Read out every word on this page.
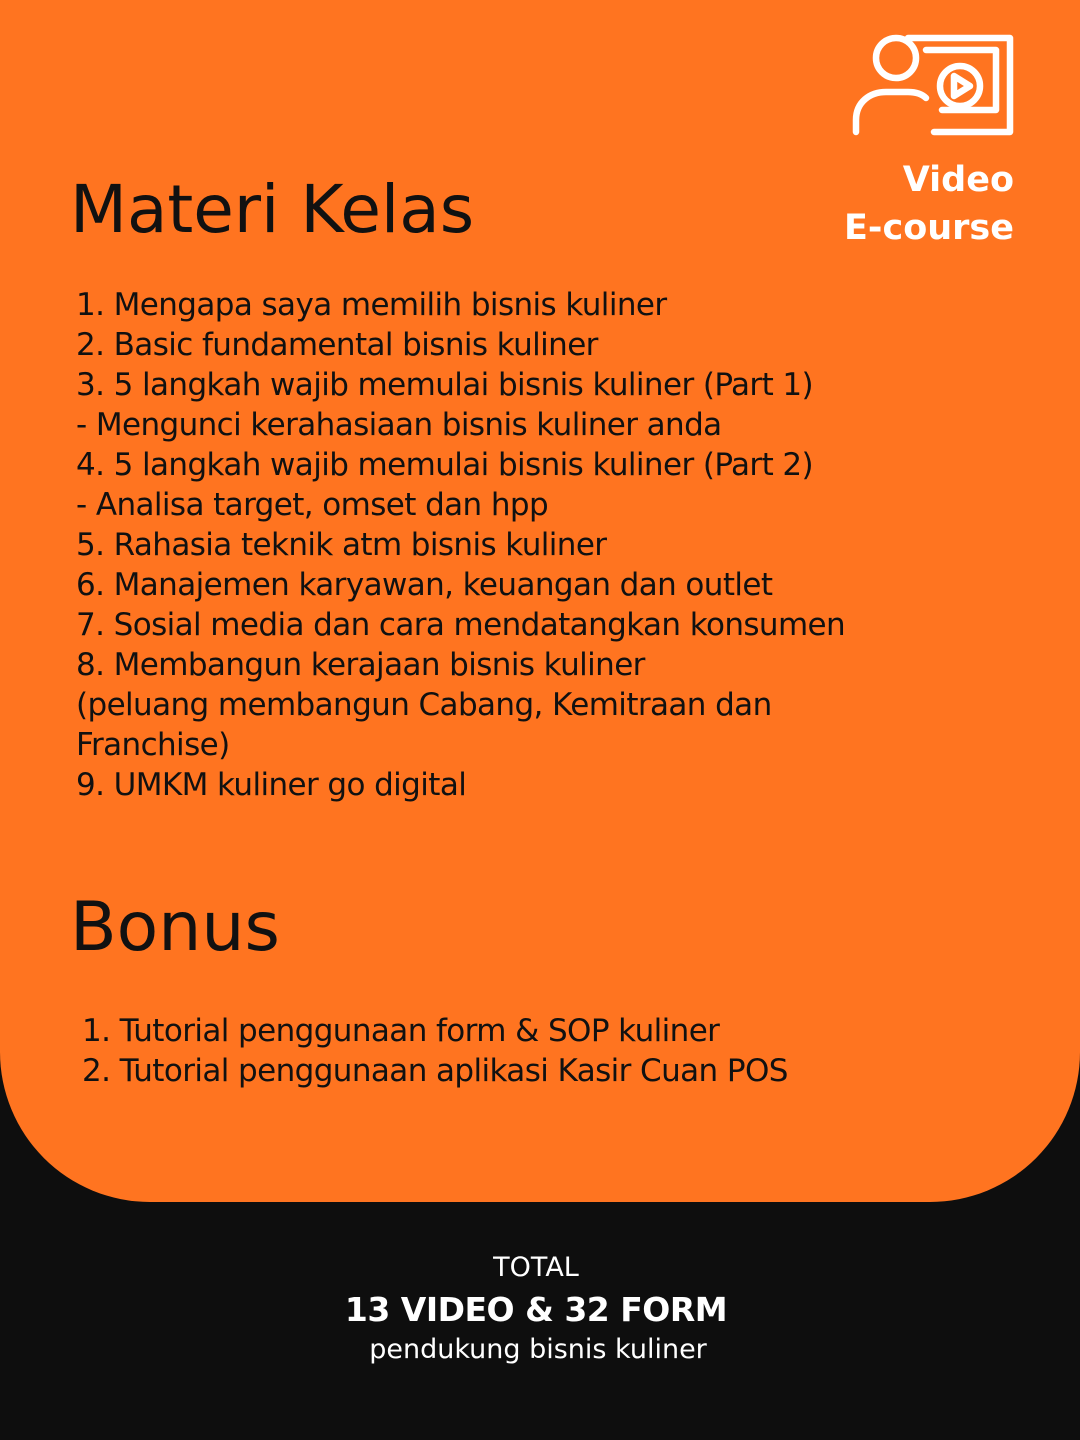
Video
E-course
Materi Kelas
1. Mengapa saya memilih bisnis kuliner
2. Basic fundamental bisnis kuliner
3. 5 langkah wajib memulai bisnis kuliner (Part 1)
- Mengunci kerahasiaan bisnis kuliner anda
4. 5 langkah wajib memulai bisnis kuliner (Part 2)
- Analisa target, omset dan hpp
5. Rahasia teknik atm bisnis kuliner
6. Manajemen karyawan, keuangan dan outlet
7. Sosial media dan cara mendatangkan konsumen
8. Membangun kerajaan bisnis kuliner
(peluang membangun Cabang, Kemitraan dan
Franchise)
9. UMKM kuliner go digital
Bonus
1. Tutorial penggunaan form & SOP kuliner
2. Tutorial penggunaan aplikasi Kasir Cuan POS
TOTAL
13 VIDEO & 32 FORM
pendukung bisnis kuliner
